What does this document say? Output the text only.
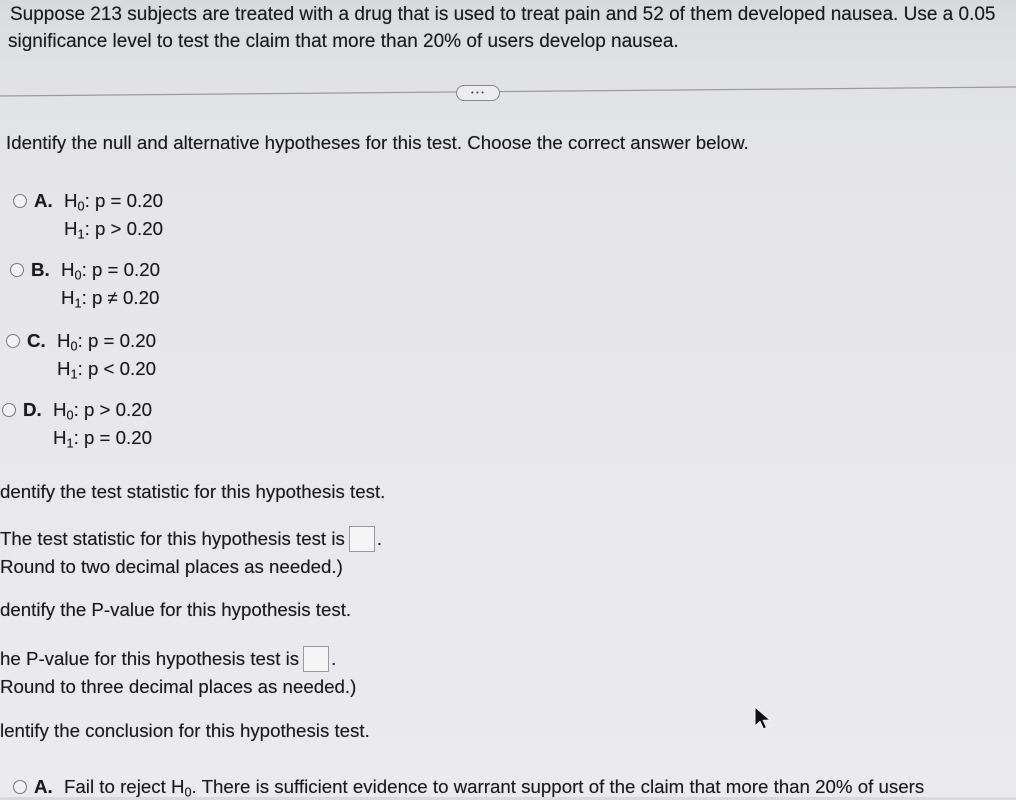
Suppose 213 subjects are treated with a drug that is used to treat pain and 52 of them developed nausea. Use a 0.05
significance level to test the claim that more than 20% of users develop nausea.
•••
Identify the null and alternative hypotheses for this test. Choose the correct answer below.
A. $H_0$: p = 0.20
$H_1$: p > 0.20
B. $H_0$: p = 0.20
$H_1$: p ≠ 0.20
C. $H_0$: p = 0.20
$H_1$: p < 0.20
D. $H_0$: p > 0.20
$H_1$: p = 0.20
dentify the test statistic for this hypothesis test.
The test statistic for this hypothesis test is .
Round to two decimal places as needed.)
dentify the P-value for this hypothesis test.
he P-value for this hypothesis test is .
Round to three decimal places as needed.)
lentify the conclusion for this hypothesis test.
A. Fail to reject $H_0$. There is sufficient evidence to warrant support of the claim that more than 20% of users
